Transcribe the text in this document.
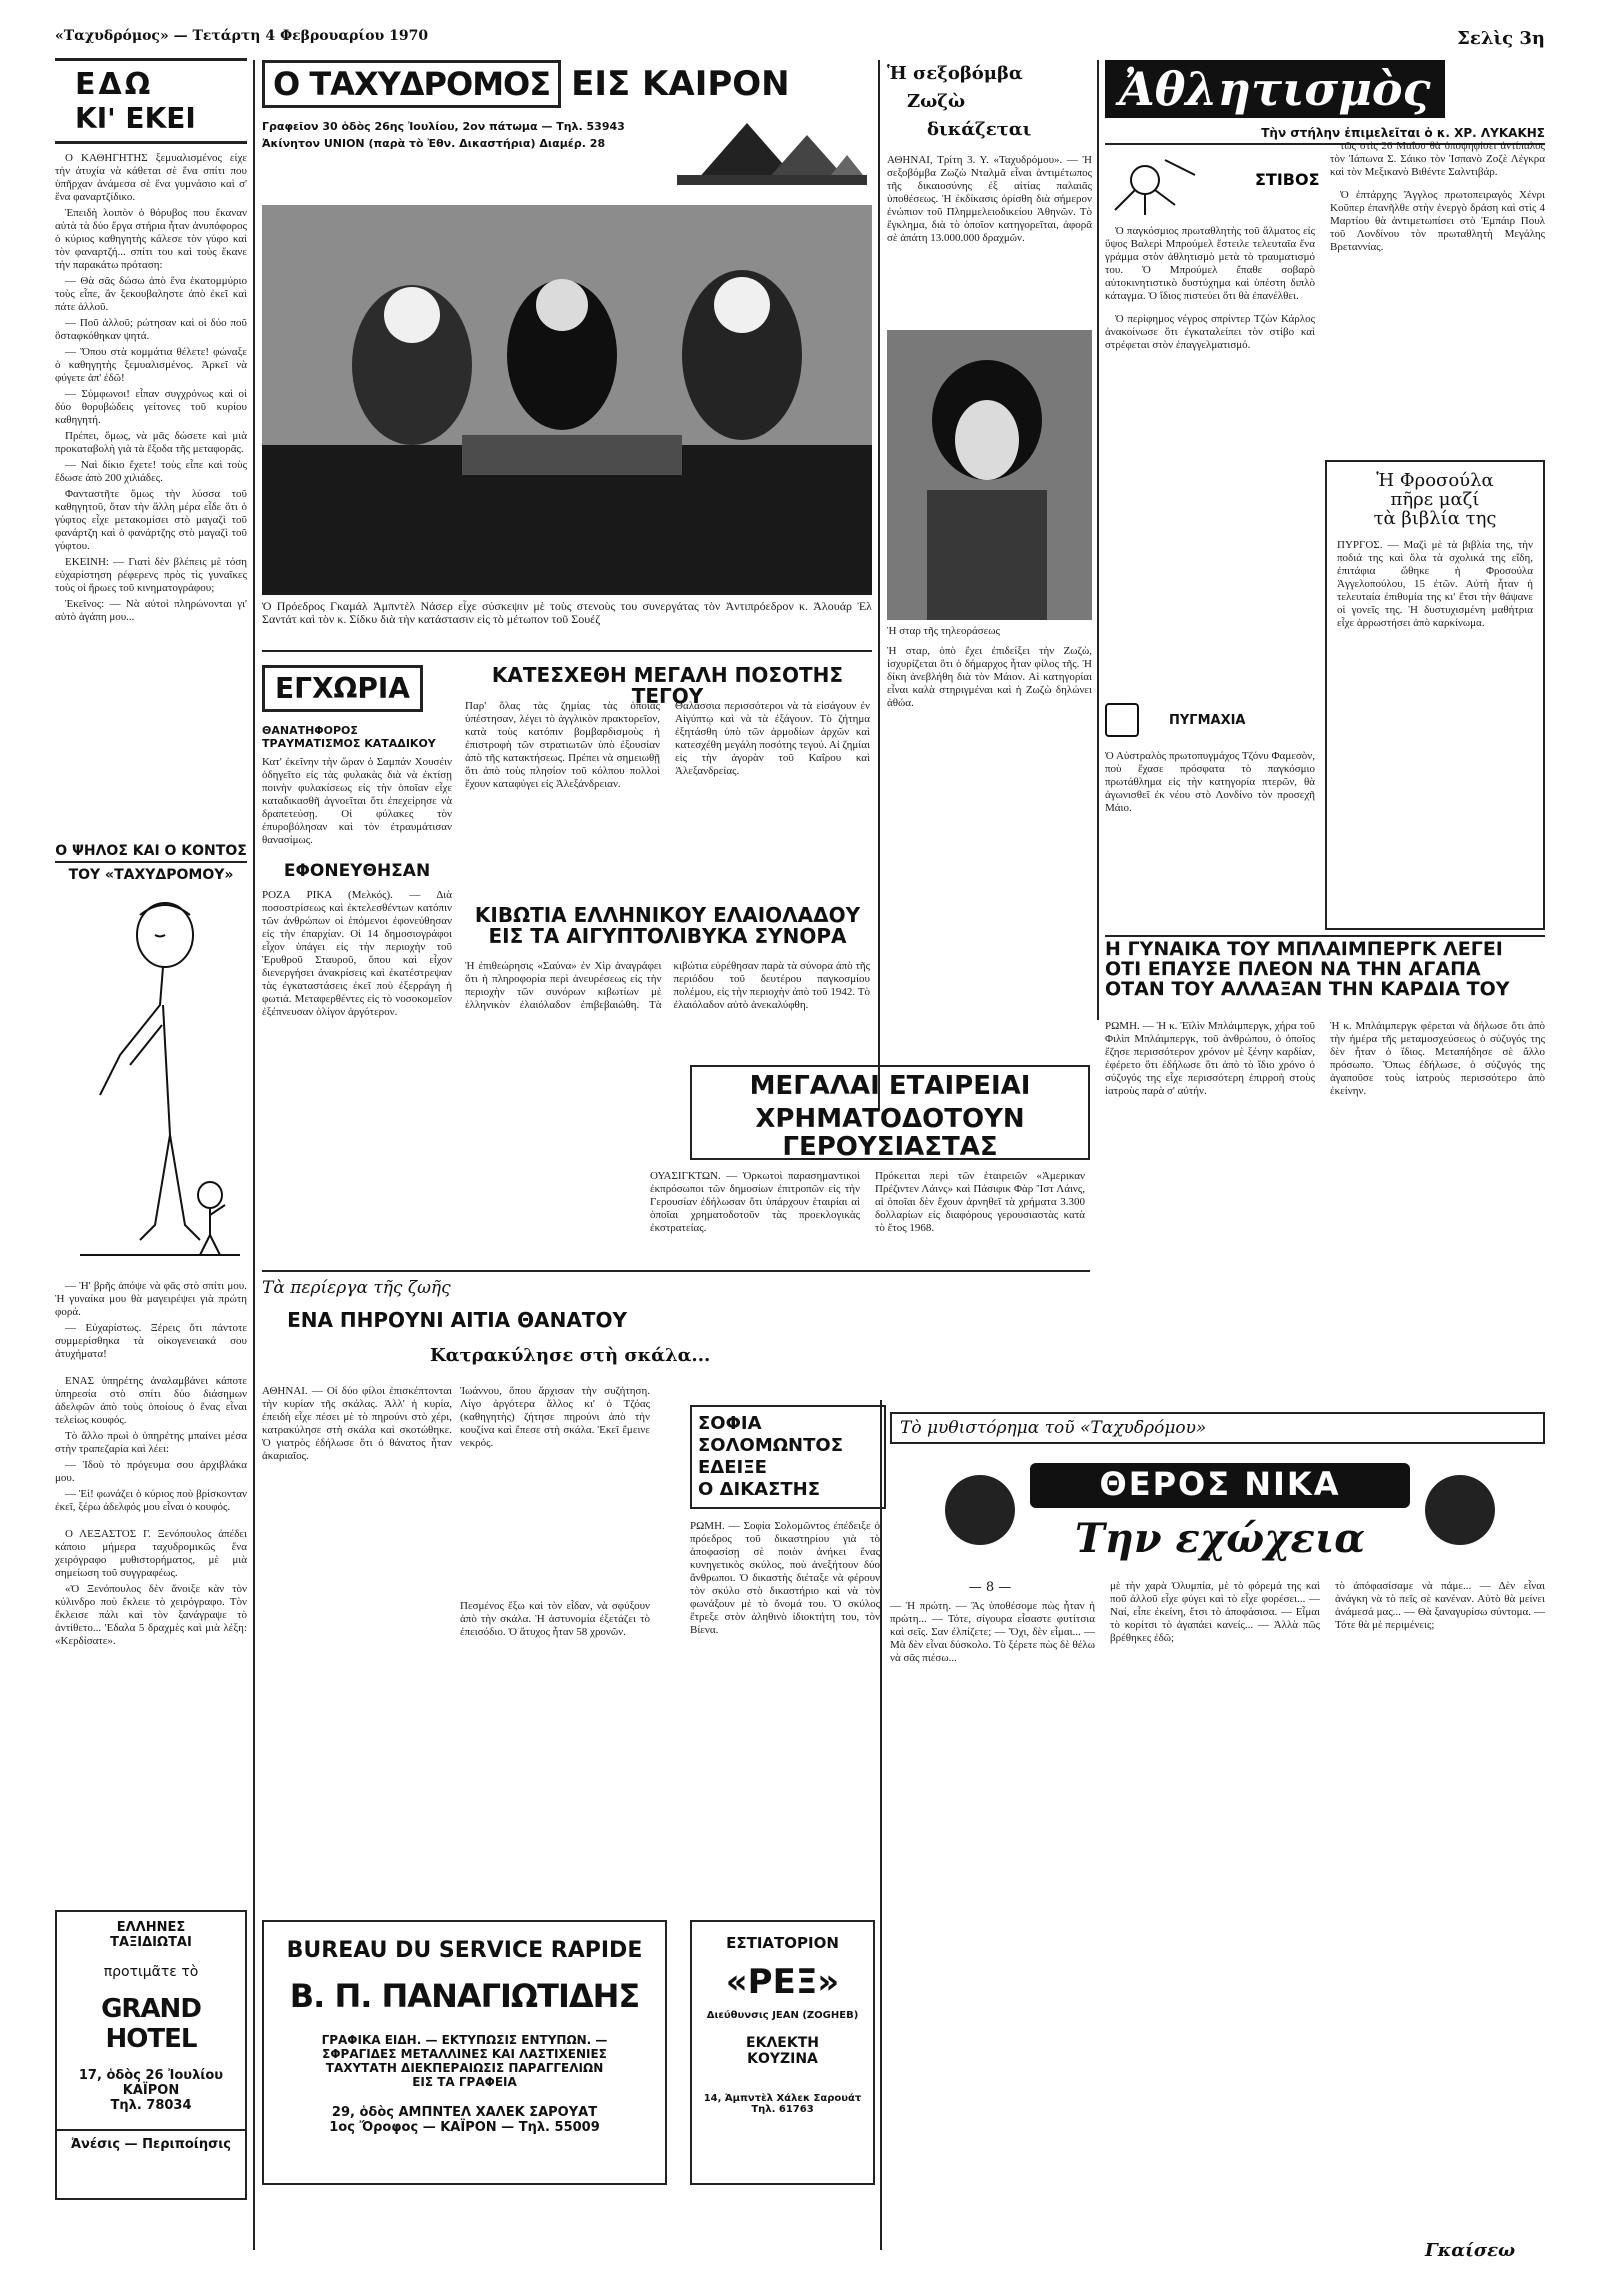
«Ταχυδρόμος» — Τετάρτη 4 Φεβρουαρίου 1970	Σελὶς 3η
ΕΔΩ
ΚΙ' ΕΚΕΙ

Ο ΚΑΘΗΓΗΤΗΣ ξεμυαλισμένος είχε τὴν ἀτυχία νὰ κάθεται σὲ ἕνα σπίτι που ὑπῆρχαν ἀνάμεσα σὲ ἕνα γυμνάσιο καὶ σ' ἕνα φαναρτζίδικο.

Ἐπειδὴ λοιπὸν ὁ θόρυβος που ἔκαναν αὐτὰ τὰ δύο ἔργα στήρια ἦταν ἀνυπόφορος ὁ κύριος καθηγητὴς κάλεσε τὸν γύφο καὶ τὸν φαναρτζή... σπίτι του καὶ τοὺς ἔκανε τὴν παρακάτω πρόταση:

— Θὰ σᾶς δώσω ἀπὸ ἕνα ἑκατομμύριο τοὺς εἶπε, ἂν ξεκουβαληστε ἀπὸ ἐκεῖ καὶ πάτε ἀλλοῦ.

— Ποῦ ἀλλοῦ; ρώτησαν καὶ οἱ δύο ποῦ ὅσταφκόθηκαν ψητά.

— Ὅπου στὰ κομμάτια θέλετε! φώναξε ὁ καθηγητὴς ξεμυαλισμένος. Ἀρκεῖ νὰ φύγετε ἀπ' ἐδῶ!

— Σύμφωνοι! εἶπαν συγχρόνως καὶ οἱ δύο θορυβώδεις γείτονες τοῦ κυρίου καθηγητή.

Πρέπει, ὅμως, νὰ μᾶς δώσετε καὶ μιὰ προκαταβολὴ γιὰ τὰ ἔξοδα τῆς μεταφορᾶς.

— Ναὶ δίκιο ἔχετε! τοὺς εἶπε καὶ τοὺς ἔδωσε ἀπὸ 200 χιλιάδες.

Φανταστῆτε ὅμως τὴν λύσσα τοῦ καθηγητοῦ, ὅταν τὴν ἄλλη μέρα εἶδε ὅτι ὁ γύφτος εἶχε μετακομίσει στὸ μαγαζὶ τοῦ φανάρτζη καὶ ὁ φανάρτζης στὸ μαγαζὶ τοῦ γύφτου.

ΕΚΕΙΝΗ: — Γιατὶ δὲν βλέπεις μὲ τόση εὐχαρίστηση ρέφερενς πρὸς τὶς γυναῖκες τοὺς οἱ ἥρωες τοῦ κινηματογράφου;

Ἐκεῖνος: — Νὰ αὐτοὶ πληρώνονται γι' αὐτὸ ἀγάπη μου...

Ο ΨΗΛΟΣ ΚΑΙ Ο ΚΟΝΤΟΣ
ΤΟΥ «ΤΑΧΥΔΡΟΜΟΥ»

— Ἡ' βρῆς ἀπόψε νὰ φᾶς στὸ σπίτι μου. Ἡ γυναίκα μου θὰ μαγειρέψει γιὰ πρώτη φορά.

— Εὐχαρίστως. Ξέρεις ὅτι πάντοτε συμμερίσθηκα τὰ οἰκογενειακά σου ἀτυχήματα!

ΕΝΑΣ ὑπηρέτης ἀναλαμβάνει κάποτε ὑπηρεσία στὸ σπίτι δύο διάσημων ἀδελφῶν ἀπὸ τοὺς ὁποίους ὁ ἕνας εἶναι τελείως κουφός.

Τὸ ἄλλο πρωὶ ὁ ὑπηρέτης μπαίνει μέσα στὴν τραπεζαρία καὶ λέει:

— Ἰδοὺ τὸ πρόγευμα σου ἀρχιβλάκα μου.

— Ἐὶ! φωνάζει ὁ κύριος ποὺ βρίσκονταν ἐκεῖ, ξέρω ἀδελφός μου εἶναι ὁ κουφός.

Ο ΛΕΞΑΣΤΟΣ Γ. Ξενόπουλος ἀπέδει κάποιο μήμερα ταχυδρομικῶς ἕνα χειρόγραφο μυθιστορήματος, μὲ μιὰ σημείωση τοῦ συγγραφέως.

«Ὁ Ξενόπουλος δὲν ἄνοιξε κὰν τὸν κύλινδρο ποὺ ἔκλειε τὸ χειρόγραφο. Τὸν ἔκλεισε πάλι καὶ τὸν ξανάγραψε τὸ ἀντίθετο... 'Εδαλα 5 δραχμὲς καὶ μιὰ λέξη: «Κερδίσατε».

ΕΛΛΗΝΕΣ ΤΑΞΙΔΙΩΤΑΙ
προτιμᾶτε τὸ
GRAND HOTEL
17, ὁδὸς 26 Ἰουλίου
ΚΑΪΡΟΝ
Τηλ. 78034
Ἀνέσις — Περιποίησις
Ο ΤΑΧΥΔΡΟΜΟΣ ΕΙΣ ΚΑΙΡΟΝ
Γραφεῖον 30 ὁδὸς 26ης Ἰουλίου, 2ον πάτωμα — Τηλ. 53943
Ἀκίνητον UNION (παρὰ τὸ Ἐθν. Δικαστήρια) Διαμέρ. 28
Ὁ Πρόεδρος Γκαμάλ Ἀμπντὲλ Νάσερ εἶχε σύσκεψιν μὲ τοὺς στενοὺς του συνεργάτας τὸν Ἀντιπρόεδρον κ. Ἀλουάρ Ἐλ Σαντάτ καὶ τὸν κ. Σίδκυ διὰ τὴν κατάστασιν εἰς τὸ μέτωπον τοῦ Σουέζ
ΕΓΧΩΡΙΑ
ΘΑΝΑΤΗΦΟΡΟΣ ΤΡΑΥΜΑΤΙΣΜΟΣ ΚΑΤΑΔΙΚΟΥ
Κατ' ἐκεῖνην τὴν ὥραν ὁ Σαμπάν Χουσέιν ὁδηγεῖτο εἰς τὰς φυλακὰς διὰ νὰ ἐκτίσῃ ποινὴν φυλακίσεως εἰς τὴν ὁποῖαν εἶχε καταδικασθῆ ἀγνοεῖται ὅτι ἐπεχείρησε νὰ δραπετεύσῃ. Οἱ φύλακες τὸν ἐπυροβόλησαν καὶ τὸν ἐτραυμάτισαν θανασίμως.
ΕΦΟΝΕΥΘΗΣΑΝ
ΡΟΖΑ ΡΙΚΑ (Μελκός). — Διὰ ποσοστρίσεως καὶ ἐκτελεσθέντων κατόπιν τῶν ἀνθρώπων οἱ ἑπόμενοι ἐφονεύθησαν εἰς τὴν ἐπαρχίαν. Οἱ 14 δημοσιογράφοι εἶχον ὑπάγει εἰς τὴν περιοχὴν τοῦ Ἐρυθροῦ Σταυροῦ, ὅπου καὶ εἶχον διενεργήσει ἀνακρίσεις καὶ ἐκατέστρεψαν τὰς ἐγκαταστάσεις ἐκεῖ ποὺ ἐξερράγη ἡ φωτιά. Μεταφερθέντες εἰς τὸ νοσοκομεῖον ἐξέπνευσαν ὀλίγον ἀργότερον.
ΚΑΤΕΣΧΕΘΗ ΜΕΓΑΛΗ ΠΟΣΟΤΗΣ ΤΕΓΟΥ
Παρ' ὅλας τὰς ζημίας τὰς ὁποίας ὑπέστησαν, λέγει τὸ ἀγγλικὸν πρακτορεῖον, κατὰ τοὺς κατόπιν βομβαρδισμοὺς ἡ ἐπιστροφὴ τῶν στρατιωτῶν ὑπὸ ἐξουσίαν ἀπὸ τῆς κατακτήσεως. Πρέπει νὰ σημειωθῇ ὅτι ἀπὸ τοὺς πλησίον τοῦ κόλπου πολλοὶ ἔχουν καταφύγει εἰς Ἀλεξάνδρειαν.
Θαλάσσια περισσότεροι νὰ τὰ εἰσάγουν ἐν Αἰγύπτῳ καὶ νὰ τὰ ἐξάγουν. Τὸ ζήτημα ἐξητάσθη ὑπὸ τῶν ἀρμοδίων ἀρχῶν καὶ κατεσχέθη μεγάλη ποσότης τεγού. Αἱ ζημίαι εἰς τὴν ἀγορὰν τοῦ Καΐρου καὶ Ἀλεξανδρείας.
ΚΙΒΩΤΙΑ ΕΛΛΗΝΙΚΟΥ ΕΛΑΙΟΛΑΔΟΥ
ΕΙΣ ΤΑ ΑΙΓΥΠΤΟΛΙΒΥΚΑ ΣΥΝΟΡΑ
Ἡ ἐπιθεώρησις «Σαύνα» ἐν Χὶρ ἀναγράφει ὅτι ἡ πληροφορία περὶ ἀνευρέσεως εἰς τὴν περιοχὴν τῶν συνόρων κιβωτίων μὲ ἑλληνικὸν ἐλαιόλαδον ἐπιβεβαιώθη. Τὰ κιβώτια εὑρέθησαν παρὰ τὰ σύνορα ἀπὸ τῆς περιόδου τοῦ δευτέρου παγκοσμίου πολέμου, εἰς τὴν περιοχὴν ἀπὸ τοῦ 1942. Τὸ ἐλαιόλαδον αὐτὸ ἀνεκαλύφθη.
Ἡ σεξοβόμβα
Ζωζὼ
δικάζεται
ΑΘΗΝΑΙ, Τρίτη 3. Υ. «Ταχυδρόμου». — Ἡ σεξοβόμβα Ζωζὼ Νταλμᾶ εἶναι ἀντιμέτωπος τῆς δικαιοσύνης ἐξ αἰτίας παλαιᾶς ὑποθέσεως. Ἡ ἐκδίκασις ὁρίσθη διὰ σήμερον ἐνώπιον τοῦ Πλημμελειοδικείου Ἀθηνῶν. Τὸ ἔγκλημα, διὰ τὸ ὁποῖον κατηγορεῖται, ἀφορᾶ σὲ ἀπάτη 13.000.000 δραχμῶν.
Ἡ σταρ τῆς τηλεοράσεως
Ἡ σταρ, ὁπὸ ἔχει ἐπιδείξει τὴν Ζωζὼ, ἰσχυρίζεται ὅτι ὁ δήμαρχος ἦταν φίλος τῆς. Ἡ δίκη ἀνεβλήθη διὰ τὸν Μάιον. Αἱ κατηγορίαι εἶναι καλὰ στηριγμέναι καὶ ἡ Ζωζὼ δηλώνει ἀθώα.
Ἀθλητισμὸς
Τὴν στήλην ἐπιμελεῖται ὁ κ. ΧΡ. ΛΥΚΑΚΗΣ
ΣΤΙΒΟΣ

Ὁ παγκόσμιος πρωταθλητὴς τοῦ ἅλματος εἰς ὕψος Βαλερὶ Μπρούμελ ἔστειλε τελευταῖα ἕνα γράμμα στὸν ἀθλητισμὸ μετὰ τὸ τραυματισμό του. Ὁ Μπρούμελ ἔπαθε σοβαρὸ αὐτοκινητιστικὸ δυστύχημα καὶ ὑπέστη διπλὸ κάταγμα. Ὁ ἴδιος πιστεύει ὅτι θὰ ἐπανέλθει.

Ὁ περίφημος νέγρος σπρίντερ Τζὼν Κάρλος ἀνακοίνωσε ὅτι ἐγκαταλείπει τὸν στίβο καὶ στρέφεται στὸν ἐπαγγελματισμό.

τῶς στὶς 26 Μαΐου θὰ ὑποψηφίσει ἀντίπαλος τὸν Ἰάπωνα Σ. Σάικο τὸν Ἰσπανὸ Ζοζὲ Λέγκρα καὶ τὸν Μεξικανὸ Βιθέντε Σαλντιβάρ.

Ὁ ἐπτάρχης Ἄγγλος πρωτοπειραγὸς Χένρι Κοῦπερ ἐπανῆλθε στὴν ἐνεργὸ δράση καὶ στὶς 4 Μαρτίου θὰ ἀντιμετωπίσει στὸ Ἐμπάιρ Πουλ τοῦ Λονδίνου τὸν πρωταθλητὴ Μεγάλης Βρεταννίας.

ΠΥΓΜΑΧΙΑ
Ὁ Αὐστραλὸς πρωτοπυγμάχος Τζόνυ Φαμεσὸν, ποὺ ἔχασε πρόσφατα τὸ παγκόσμιο πρωτάθλημα εἰς τὴν κατηγορία πτερῶν, θὰ ἀγωνισθεῖ ἐκ νέου στὸ Λονδίνο τὸν προσεχῆ Μάιο.
Ἡ Φροσούλα
πῆρε μαζί
τὰ βιβλία της
ΠΥΡΓΟΣ. — Μαζὶ μὲ τὰ βιβλία της, τὴν ποδιά της καὶ ὅλα τὰ σχολικά της εἴδη, ἐπιτάφια ὥθηκε ἡ Φροσούλα Ἀγγελοπούλου, 15 ἐτῶν. Αὐτὴ ἦταν ἡ τελευταία ἐπιθυμία της κι' ἔτσι τὴν θάψανε οἱ γονεῖς της. Ἡ δυστυχισμένη μαθήτρια εἶχε ἀρρωστήσει ἀπὸ καρκίνωμα.
Η ΓΥΝΑΙΚΑ ΤΟΥ ΜΠΛΑΙΜΠΕΡΓΚ ΛΕΓΕΙ
ΟΤΙ ΕΠΑΥΣΕ ΠΛΕΟΝ ΝΑ ΤΗΝ ΑΓΑΠΑ
ΟΤΑΝ ΤΟΥ ΑΛΛΑΞΑΝ ΤΗΝ ΚΑΡΔΙΑ ΤΟΥ
ΡΩΜΗ. — Ἡ κ. Ἐϊλὶν Μπλάιμπεργκ, χήρα τοῦ Φιλὶπ Μπλάιμπεργκ, τοῦ ἀνθρώπου, ὁ ὁποῖος ἔζησε περισσότερον χρόνον μὲ ξένην καρδίαν, ἐφέρετο ὅτι ἐδήλωσε ὅτι ἀπὸ τὸ ἴδιο χρόνο ὁ σύζυγός της εἶχε περισσότερη ἐπιρροὴ στοὺς ἰατροὺς παρὰ σ' αὐτήν.
Ἡ κ. Μπλάιμπεργκ φέρεται νὰ δήλωσε ὅτι ἀπὸ τὴν ἡμέρα τῆς μεταμοσχεύσεως ὁ σύζυγός της δὲν ἦταν ὁ ἴδιος. Μεταπήδησε σὲ ἄλλο πρόσωπο. Ὅπως ἐδήλωσε, ὁ σύζυγός της ἀγαποῦσε τοὺς ἰατροὺς περισσότερο ἀπὸ ἐκείνην.
ΜΕΓΑΛΑΙ ΕΤΑΙΡΕΙΑΙ
ΧΡΗΜΑΤΟΔΟΤΟΥΝ ΓΕΡΟΥΣΙΑΣΤΑΣ
ΟΥΑΣΙΓΚΤΩΝ. — Ὁρκωτοὶ παρασημαντικοὶ ἐκπρόσωποι τῶν δημοσίων ἐπιτροπῶν εἰς τὴν Γερουσίαν ἐδήλωσαν ὅτι ὑπάρχουν ἑταιρίαι αἱ ὁποῖαι χρηματοδοτοῦν τὰς προεκλογικὰς ἐκστρατείας.
Πρόκειται περὶ τῶν ἑταιρειῶν «Ἀμερικαν Πρέζιντεν Λάινς» καὶ Πάσιφικ Φὰρ Ἴστ Λάινς, αἱ ὁποῖαι δὲν ἔχουν ἀρνηθεῖ τὰ χρήματα 3.300 δολλαρίων εἰς διαφόρους γερουσιαστὰς κατὰ τὸ ἔτος 1968.
Τὰ περίεργα τῆς ζωῆς
ΕΝΑ ΠΗΡΟΥΝΙ ΑΙΤΙΑ ΘΑΝΑΤΟΥ
Κατρακύλησε στὴ σκάλα...
ΑΘΗΝΑΙ. — Οἱ δύο φίλοι ἐπισκέπτονται τὴν κυρίαν τῆς σκάλας. Ἀλλ' ἡ κυρία, ἐπειδὴ εἶχε πέσει μὲ τὸ πηρούνι στὸ χέρι, κατρακύλησε στὴ σκάλα καὶ σκοτώθηκε. Ὁ γιατρὸς ἐδήλωσε ὅτι ὁ θάνατος ἦταν ἀκαριαῖος.
Ἰωάννου, ὅπου ἄρχισαν τὴν συζήτηση. Λίγο ἀργότερα ἄλλος κι' ὁ Τζόας (καθηγητὴς) ζήτησε πηρούνι ἀπὸ τὴν κουζίνα καὶ ἔπεσε στὴ σκάλα. Ἐκεῖ ἔμεινε νεκρός.
Πεσμένος ἔξω καὶ τὸν εἶδαν, νὰ σφύξουν ἀπὸ τὴν σκάλα. Ἡ ἀστυνομία ἐξετάζει τὸ ἐπεισόδιο. Ὁ ἄτυχος ἦταν 58 χρονῶν.
ΣΟΦΙΑ
ΣΟΛΟΜΩΝΤΟΣ
ΕΔΕΙΞΕ
Ο ΔΙΚΑΣΤΗΣ
ΡΩΜΗ. — Σοφία Σολομῶντος ἐπέδειξε ὁ πρόεδρος τοῦ δικαστηρίου γιὰ τὸ ἀποφασίσῃ σὲ ποιὸν ἀνήκει ἕνας κυνηγετικὸς σκύλος, ποὺ ἀνεξήτουν δύο ἄνθρωποι. Ὁ δικαστὴς διέταξε νὰ φέρουν τὸν σκύλο στὸ δικαστήριο καὶ νὰ τὸν φωνάξουν μὲ τὸ ὄνομά του. Ὁ σκύλος ἔτρεξε στὸν ἀληθινὸ ἰδιοκτήτη του, τὸν Βίενα.
Τὸ μυθιστόρημα τοῦ «Ταχυδρόμου»
ΘΕΡΟΣ ΝΙΚΑ
Την εχώχεια
— 8 —
— Ἡ πρώτη. — Ἂς ὑποθέσομε πὼς ἦταν ἡ πρώτη... — Τότε, σίγουρα εἶσαστε φυτίτσια καὶ σεῖς. Σαν ἐλπίζετε; — Ὄχι, δὲν εἶμαι... — Μὰ δὲν εἶναι δύσκολο. Τὸ ξέρετε πὼς δὲ θέλω νὰ σᾶς πιέσω...
μὲ τὴν χαρὰ Ὀλυμπία, μὲ τὸ φόρεμά της καὶ ποῦ ἀλλοῦ εἶχε φύγει καὶ τὸ εἶχε φορέσει... — Ναί, εἶπε ἐκείνη, ἔτσι τὸ ἀποφάσισα. — Εἶμαι τὸ κορίτσι τὸ ἀγαπάει κανείς... — Ἀλλὰ πῶς βρέθηκες ἐδῶ;
τὸ ἀπόφασίσαμε νὰ πάμε... — Δὲν εἶναι ἀνάγκη νὰ τὸ πεῖς σὲ κανέναν. Αὐτὸ θὰ μείνει ἀνάμεσά μας... — Θὰ ξαναγυρίσω σύντομα. — Τότε θὰ μὲ περιμένεις;
Γκαίσεω
BUREAU DU SERVICE RAPIDE
Β. Π. ΠΑΝΑΓΙΩΤΙΔΗΣ
ΓΡΑΦΙΚΑ ΕΙΔΗ. — ΕΚΤΥΠΩΣΙΣ ΕΝΤΥΠΩΝ. —
ΣΦΡΑΓΙΔΕΣ ΜΕΤΑΛΛΙΝΕΣ ΚΑΙ ΛΑΣΤΙΧΕΝΙΕΣ
ΤΑΧΥΤΑΤΗ ΔΙΕΚΠΕΡΑΙΩΣΙΣ ΠΑΡΑΓΓΕΛΙΩΝ
ΕΙΣ ΤΑ ΓΡΑΦΕΙΑ
29, ὁδὸς ΑΜΠΝΤΕΛ ΧΑΛΕΚ ΣΑΡΟΥΑΤ
1ος Ὄροφος — ΚΑΪΡΟΝ — Τηλ. 55009
ΕΣΤΙΑΤΟΡΙΟΝ
«ΡΕΞ»
Διεύθυνσις JEAN (ZOGHEB)
ΕΚΛΕΚΤΗ
ΚΟΥΖΙΝΑ
14, Ἀμπντὲλ Χάλεκ Σαρουάτ Τηλ. 61763
